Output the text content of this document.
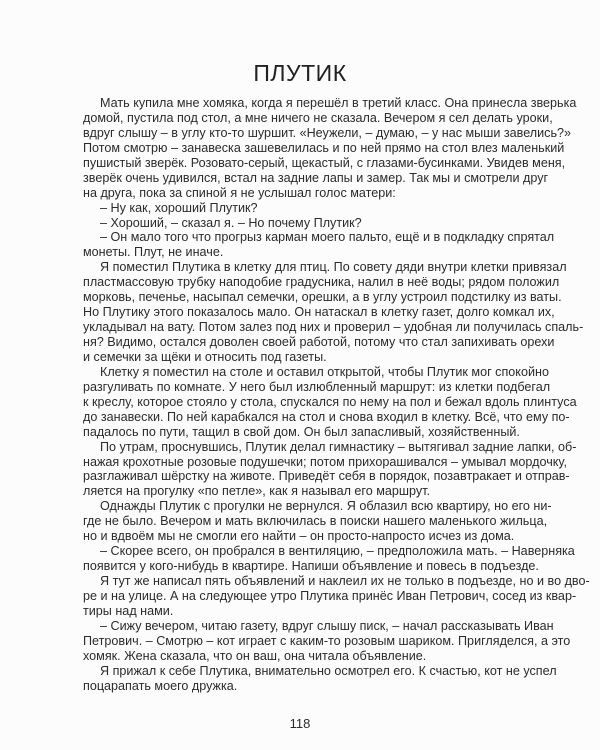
ПЛУТИК
Мать купила мне хомяка, когда я перешёл в третий класс. Она принесла зверька
домой, пустила под стол, а мне ничего не сказала. Вечером я сел делать уроки,
вдруг слышу – в углу кто-то шуршит. «Неужели, – думаю, – у нас мыши завелись?»
Потом смотрю – занавеска зашевелилась и по ней прямо на стол влез маленький
пушистый зверёк. Розовато-серый, щекастый, с глазами-бусинками. Увидев меня,
зверёк очень удивился, встал на задние лапы и замер. Так мы и смотрели друг
на друга, пока за спиной я не услышал голос матери:
– Ну как, хороший Плутик?
– Хороший, – сказал я. – Но почему Плутик?
– Он мало того что прогрыз карман моего пальто, ещё и в подкладку спрятал
монеты. Плут, не иначе.
Я поместил Плутика в клетку для птиц. По совету дяди внутри клетки привязал
пластмассовую трубку наподобие градусника, налил в неё воды; рядом положил
морковь, печенье, насыпал семечки, орешки, а в углу устроил подстилку из ваты.
Но Плутику этого показалось мало. Он натаскал в клетку газет, долго комкал их,
укладывал на вату. Потом залез под них и проверил – удобная ли получилась спаль-
ня? Видимо, остался доволен своей работой, потому что стал запихивать орехи
и семечки за щёки и относить под газеты.
Клетку я поместил на столе и оставил открытой, чтобы Плутик мог спокойно
разгуливать по комнате. У него был излюбленный маршрут: из клетки подбегал
к креслу, которое стояло у стола, спускался по нему на пол и бежал вдоль плинтуса
до занавески. По ней карабкался на стол и снова входил в клетку. Всё, что ему по-
падалось по пути, тащил в свой дом. Он был запасливый, хозяйственный.
По утрам, проснувшись, Плутик делал гимнастику – вытягивал задние лапки, об-
нажая крохотные розовые подушечки; потом прихорашивался – умывал мордочку,
разглаживал шёрстку на животе. Приведёт себя в порядок, позавтракает и отправ-
ляется на прогулку «по петле», как я называл его маршрут.
Однажды Плутик с прогулки не вернулся. Я облазил всю квартиру, но его ни-
где не было. Вечером и мать включилась в поиски нашего маленького жильца,
но и вдвоём мы не смогли его найти – он просто-напросто исчез из дома.
– Скорее всего, он пробрался в вентиляцию, – предположила мать. – Наверняка
появится у кого-нибудь в квартире. Напиши объявление и повесь в подъезде.
Я тут же написал пять объявлений и наклеил их не только в подъезде, но и во дво-
ре и на улице. А на следующее утро Плутика принёс Иван Петрович, сосед из квар-
тиры над нами.
– Сижу вечером, читаю газету, вдруг слышу писк, – начал рассказывать Иван
Петрович. – Смотрю – кот играет с каким-то розовым шариком. Пригляделся, а это
хомяк. Жена сказала, что он ваш, она читала объявление.
Я прижал к себе Плутика, внимательно осмотрел его. К счастью, кот не успел
поцарапать моего дружка.
118
